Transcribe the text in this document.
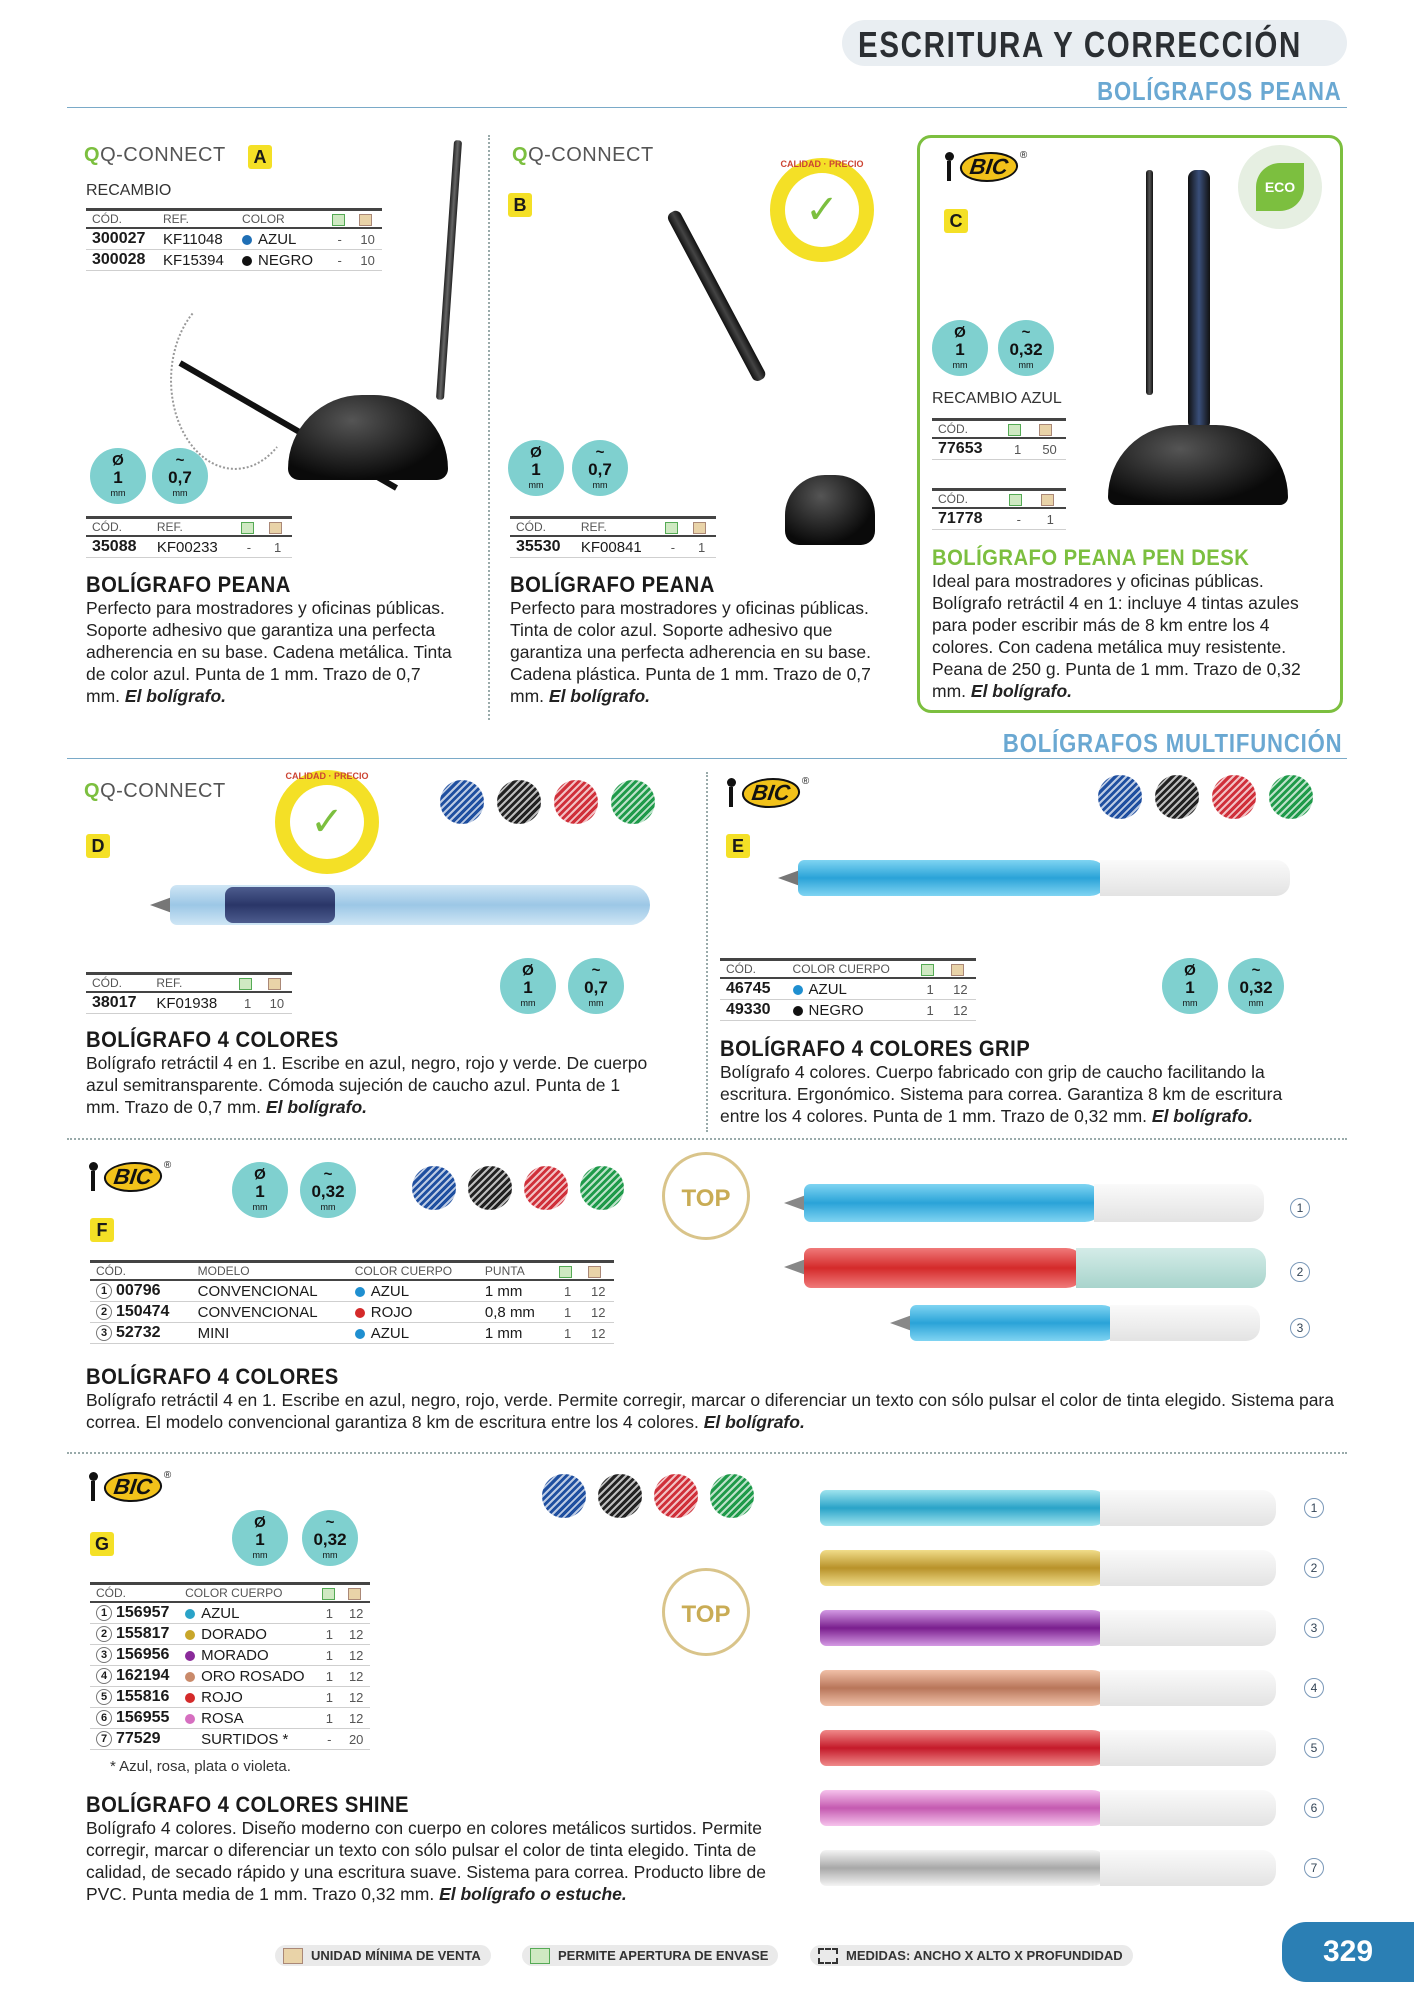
ESCRITURA Y CORRECCIÓN
BOLÍGRAFOS PEANA
QQ-CONNECT	A
RECAMBIO
CÓD.	REF.	COLOR		
300027	KF11048	AZUL	-	10
300028	KF15394	NEGRO	-	10
Ø
1
mm
~
0,7
mm
CÓD.	REF.		
35088	KF00233	-	1
BOLÍGRAFO PEANA
Perfecto para mostradores y oficinas públicas. Soporte adhesivo que garantiza una perfecta adherencia en su base. Cadena metálica. Tinta de color azul. Punta de 1 mm. Trazo de 0,7 mm. El bolígrafo.
QQ-CONNECT
B	✓
CALIDAD · PRECIO
Ø
1
mm
~
0,7
mm
CÓD.	REF.		
35530	KF00841	-	1
BOLÍGRAFO PEANA
Perfecto para mostradores y oficinas públicas. Tinta de color azul. Soporte adhesivo que garantiza una perfecta adherencia en su base. Cadena plástica. Punta de 1 mm. Trazo de 0,7 mm. El bolígrafo.
BIC	®
C
ECO
Ø
1
mm
~
0,32
mm
RECAMBIO AZUL
CÓD.		
77653	1	50
CÓD.		
71778	-	1
BOLÍGRAFO PEANA PEN DESK
Ideal para mostradores y oficinas públicas. Bolígrafo retráctil 4 en 1: incluye 4 tintas azules para poder escribir más de 8 km entre los 4 colores. Con cadena metálica muy resistente. Peana de 250 g. Punta de 1 mm. Trazo de 0,32 mm. El bolígrafo.
BOLÍGRAFOS MULTIFUNCIÓN
QQ-CONNECT
D
✓
CALIDAD · PRECIO
Ø
1
mm
~
0,7
mm
CÓD.	REF.		
38017	KF01938	1	10
BOLÍGRAFO 4 COLORES
Bolígrafo retráctil 4 en 1. Escribe en azul, negro, rojo y verde. De cuerpo azul semitransparente. Cómoda sujeción de caucho azul. Punta de 1 mm. Trazo de 0,7 mm. El bolígrafo.
BIC	®
E
Ø
1
mm
~
0,32
mm
CÓD.	COLOR CUERPO		
46745	AZUL	1	12
49330	NEGRO	1	12
BOLÍGRAFO 4 COLORES GRIP
Bolígrafo 4 colores. Cuerpo fabricado con grip de caucho facilitando la escritura. Ergonómico. Sistema para correa. Garantiza 8 km de escritura entre los 4 colores. Punta de 1 mm. Trazo de 0,32 mm. El bolígrafo.
BIC	®
F
Ø
1
mm
~
0,32
mm	TOP	1
2
3
CÓD.	MODELO	COLOR CUERPO	PUNTA		
1 00796	CONVENCIONAL	AZUL	1 mm	1	12
2 150474	CONVENCIONAL	ROJO	0,8 mm	1	12
3 52732	MINI	AZUL	1 mm	1	12
BOLÍGRAFO 4 COLORES
Bolígrafo retráctil 4 en 1. Escribe en azul, negro, rojo, verde. Permite corregir, marcar o diferenciar un texto con sólo pulsar el color de tinta elegido. Sistema para correa. El modelo convencional garantiza 8 km de escritura entre los 4 colores. El bolígrafo.
BIC	®
G
Ø
1
mm
~
0,32
mm
TOP
CÓD.	COLOR CUERPO		
1 156957	AZUL	1	12
2 155817	DORADO	1	12
3 156956	MORADO	1	12
4 162194	ORO ROSADO	1	12
5 155816	ROJO	1	12
6 156955	ROSA	1	12
7 77529	SURTIDOS *	-	20
* Azul, rosa, plata o violeta.
1
2
3
4
5
6
7
BOLÍGRAFO 4 COLORES SHINE
Bolígrafo 4 colores. Diseño moderno con cuerpo en colores metálicos surtidos. Permite corregir, marcar o diferenciar un texto con sólo pulsar el color de tinta elegido. Tinta de calidad, de secado rápido y una escritura suave. Sistema para correa. Producto libre de PVC. Punta media de 1 mm. Trazo 0,32 mm. El bolígrafo o estuche.
UNIDAD MÍNIMA DE VENTA	PERMITE APERTURA DE ENVASE	MEDIDAS: ANCHO X ALTO X PROFUNDIDAD	329
